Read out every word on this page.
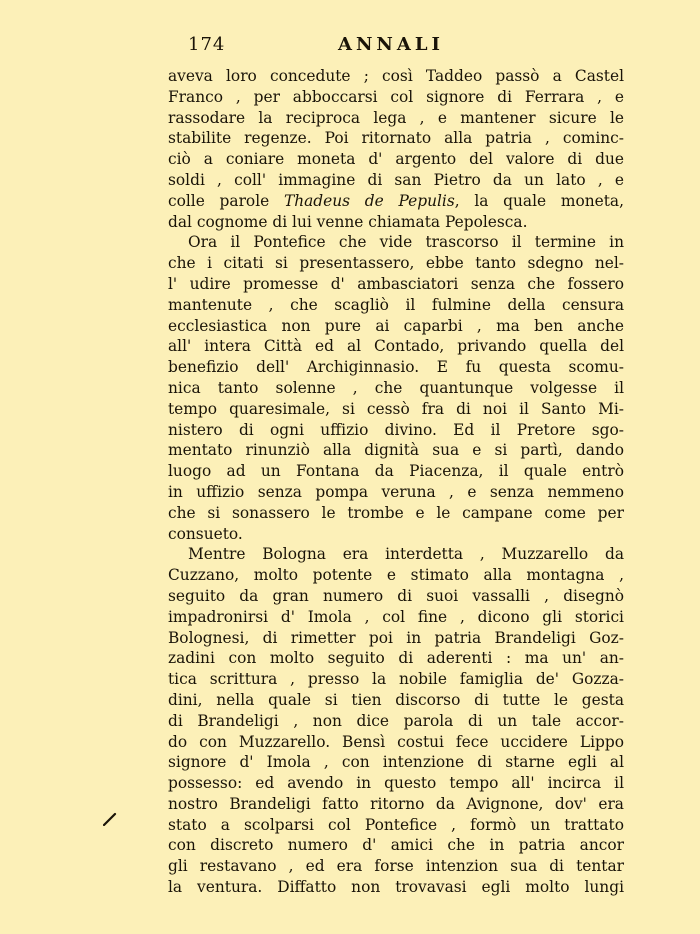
174	ANNALI
aveva loro concedute ; così Taddeo passò a Castel
Franco , per abboccarsi col signore di Ferrara , e
rassodare la reciproca lega , e mantener sicure le
stabilite regenze. Poi ritornato alla patria , cominc-
ciò a coniare moneta d' argento del valore di due
soldi , coll' immagine di san Pietro da un lato , e
colle parole Thadeus de Pepulis, la quale moneta,
dal cognome di lui venne chiamata Pepolesca.
Ora il Pontefice che vide trascorso il termine in
che i citati si presentassero, ebbe tanto sdegno nel-
l' udire promesse d' ambasciatori senza che fossero
mantenute , che scagliò il fulmine della censura
ecclesiastica non pure ai caparbi , ma ben anche
all' intera Città ed al Contado, privando quella del
benefizio dell' Archiginnasio. E fu questa scomu-
nica tanto solenne , che quantunque volgesse il
tempo quaresimale, si cessò fra di noi il Santo Mi-
nistero di ogni uffizio divino. Ed il Pretore sgo-
mentato rinunziò alla dignità sua e si partì, dando
luogo ad un Fontana da Piacenza, il quale entrò
in uffizio senza pompa veruna , e senza nemmeno
che si sonassero le trombe e le campane come per
consueto.
Mentre Bologna era interdetta , Muzzarello da
Cuzzano, molto potente e stimato alla montagna ,
seguito da gran numero di suoi vassalli , disegnò
impadronirsi d' Imola , col fine , dicono gli storici
Bolognesi, di rimetter poi in patria Brandeligi Goz-
zadini con molto seguito di aderenti : ma un' an-
tica scrittura , presso la nobile famiglia de' Gozza-
dini, nella quale si tien discorso di tutte le gesta
di Brandeligi , non dice parola di un tale accor-
do con Muzzarello. Bensì costui fece uccidere Lippo
signore d' Imola , con intenzione di starne egli al
possesso: ed avendo in questo tempo all' incirca il
nostro Brandeligi fatto ritorno da Avignone, dov' era
stato a scolparsi col Pontefice , formò un trattato
con discreto numero d' amici che in patria ancor
gli restavano , ed era forse intenzion sua di tentar
la ventura. Diffatto non trovavasi egli molto lungi
